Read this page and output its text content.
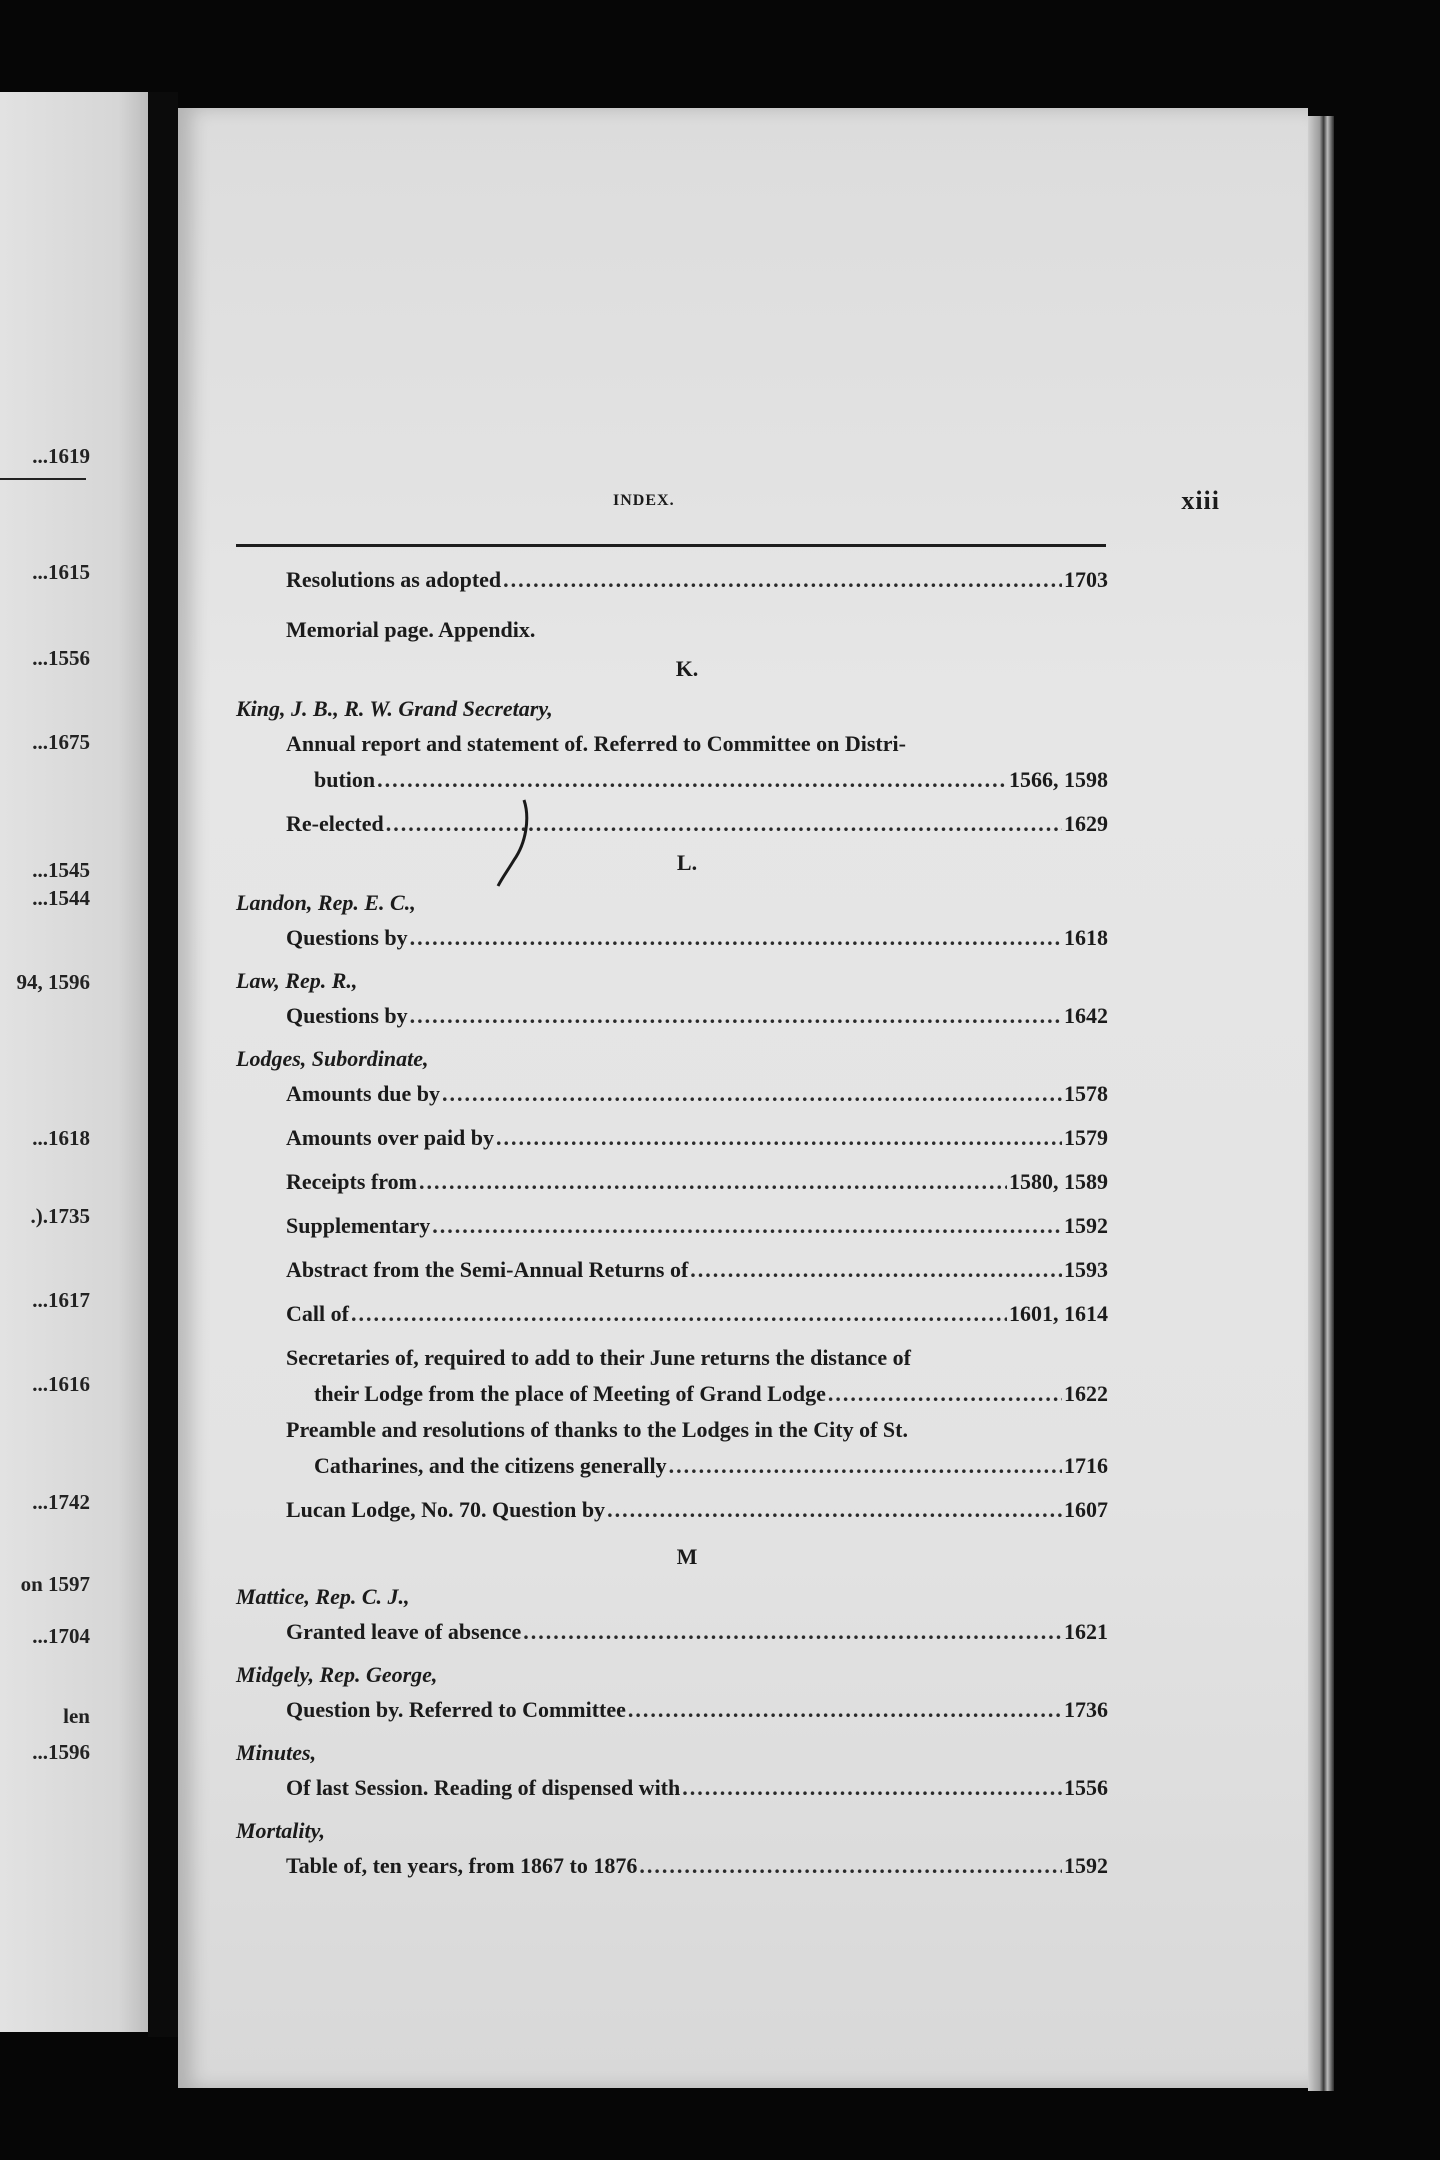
...1619
...1615
...1556
...1675
...1545
...1544
94, 1596
...1618
.).1735
...1617
...1616
...1742
on 1597
...1704
len
...1596
INDEX.	xiii
Resolutions as adopted .....	1703
Memorial page. Appendix.
K.
King, J. B., R. W. Grand Secretary,
Annual report and statement of. Referred to Committee on Distri-
bution .....	1566, 1598
Re-elected .....	1629
L.
Landon, Rep. E. C.,
Questions by .....	1618
Law, Rep. R.,
Questions by .....	1642
Lodges, Subordinate,
Amounts due by .....	1578
Amounts over paid by .....	1579
Receipts from .....	1580, 1589
Supplementary .....	1592
Abstract from the Semi-Annual Returns of .....	1593
Call of .....	1601, 1614
Secretaries of, required to add to their June returns the distance of
their Lodge from the place of Meeting of Grand Lodge .....	1622
Preamble and resolutions of thanks to the Lodges in the City of St.
Catharines, and the citizens generally .....	1716
Lucan Lodge, No. 70. Question by .....	1607
M
Mattice, Rep. C. J.,
Granted leave of absence .....	1621
Midgely, Rep. George,
Question by. Referred to Committee .....	1736
Minutes,
Of last Session. Reading of dispensed with .....	1556
Mortality,
Table of, ten years, from 1867 to 1876 .....	1592
